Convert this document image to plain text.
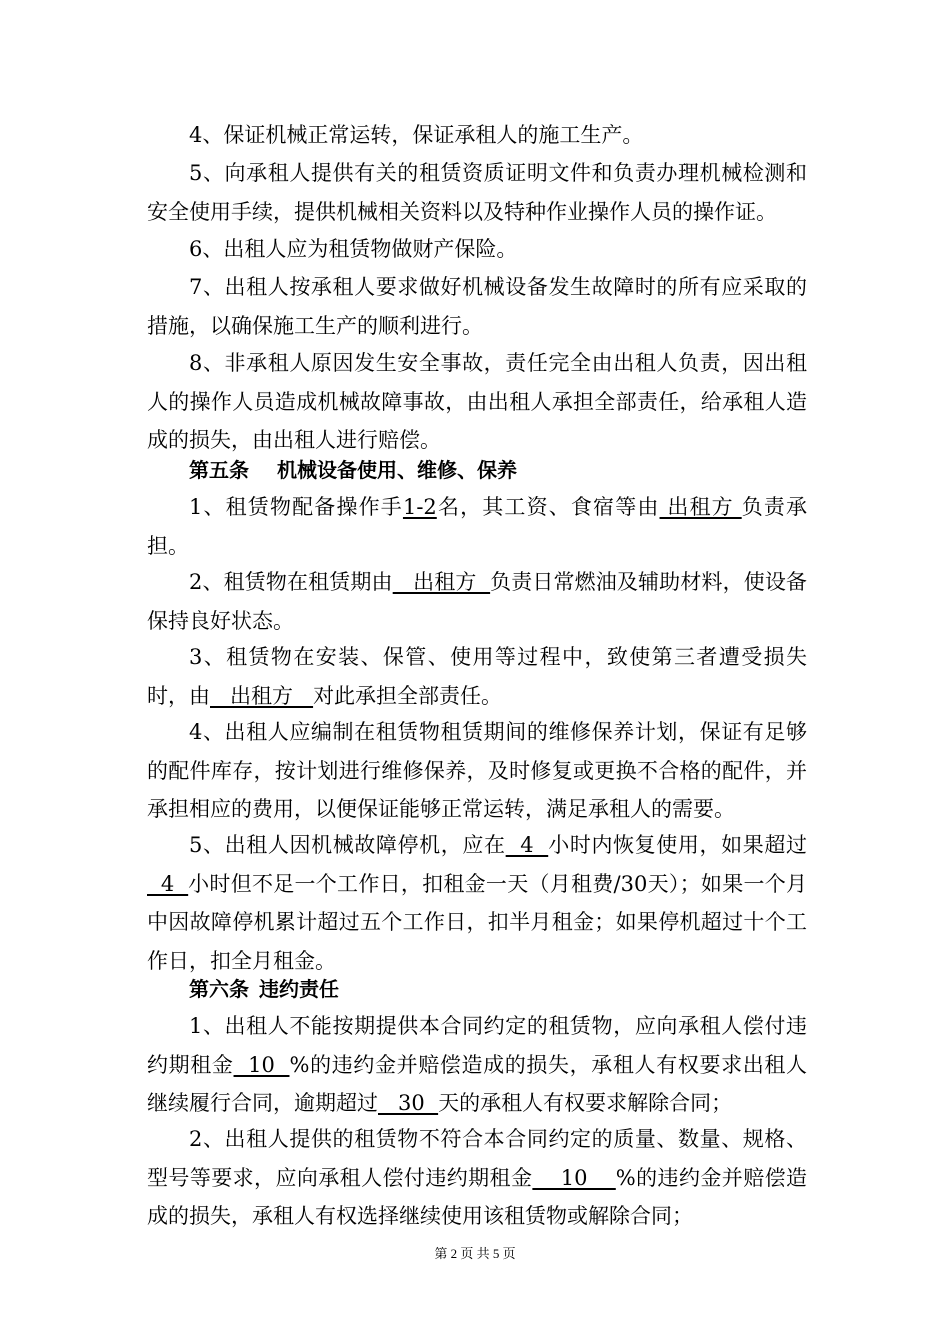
4、保证机械正常运转，保证承租人的施工生产。
5、向承租人提供有关的租赁资质证明文件和负责办理机械检测和安全使用手续，提供机械相关资料以及特种作业操作人员的操作证。
6、出租人应为租赁物做财产保险。
7、出租人按承租人要求做好机械设备发生故障时的所有应采取的措施，以确保施工生产的顺利进行。
8、非承租人原因发生安全事故，责任完全由出租人负责，因出租人的操作人员造成机械故障事故，由出租人承担全部责任，给承租人造成的损失，由出租人进行赔偿。
第五条 机械设备使用、维修、保养
1、租赁物配备操作手1-2名，其工资、食宿等由 出租方 负责承担。
2、租赁物在租赁期由   出租方  负责日常燃油及辅助材料，使设备保持良好状态。
3、租赁物在安装、保管、使用等过程中，致使第三者遭受损失时，由   出租方   对此承担全部责任。
4、出租人应编制在租赁物租赁期间的维修保养计划，保证有足够的配件库存，按计划进行维修保养，及时修复或更换不合格的配件，并承担相应的费用，以便保证能够正常运转，满足承租人的需要。
5、出租人因机械故障停机，应在  4  小时内恢复使用，如果超过  4  小时但不足一个工作日，扣租金一天（月租费/30天）；如果一个月中因故障停机累计超过五个工作日，扣半月租金；如果停机超过十个工作日，扣全月租金。
第六条 违约责任
1、出租人不能按期提供本合同约定的租赁物，应向承租人偿付违约期租金  10  %的违约金并赔偿造成的损失，承租人有权要求出租人继续履行合同，逾期超过   30  天的承租人有权要求解除合同；
2、出租人提供的租赁物不符合本合同约定的质量、数量、规格、型号等要求，应向承租人偿付违约期租金    10    %的违约金并赔偿造成的损失，承租人有权选择继续使用该租赁物或解除合同；
第 2 页 共 5 页
